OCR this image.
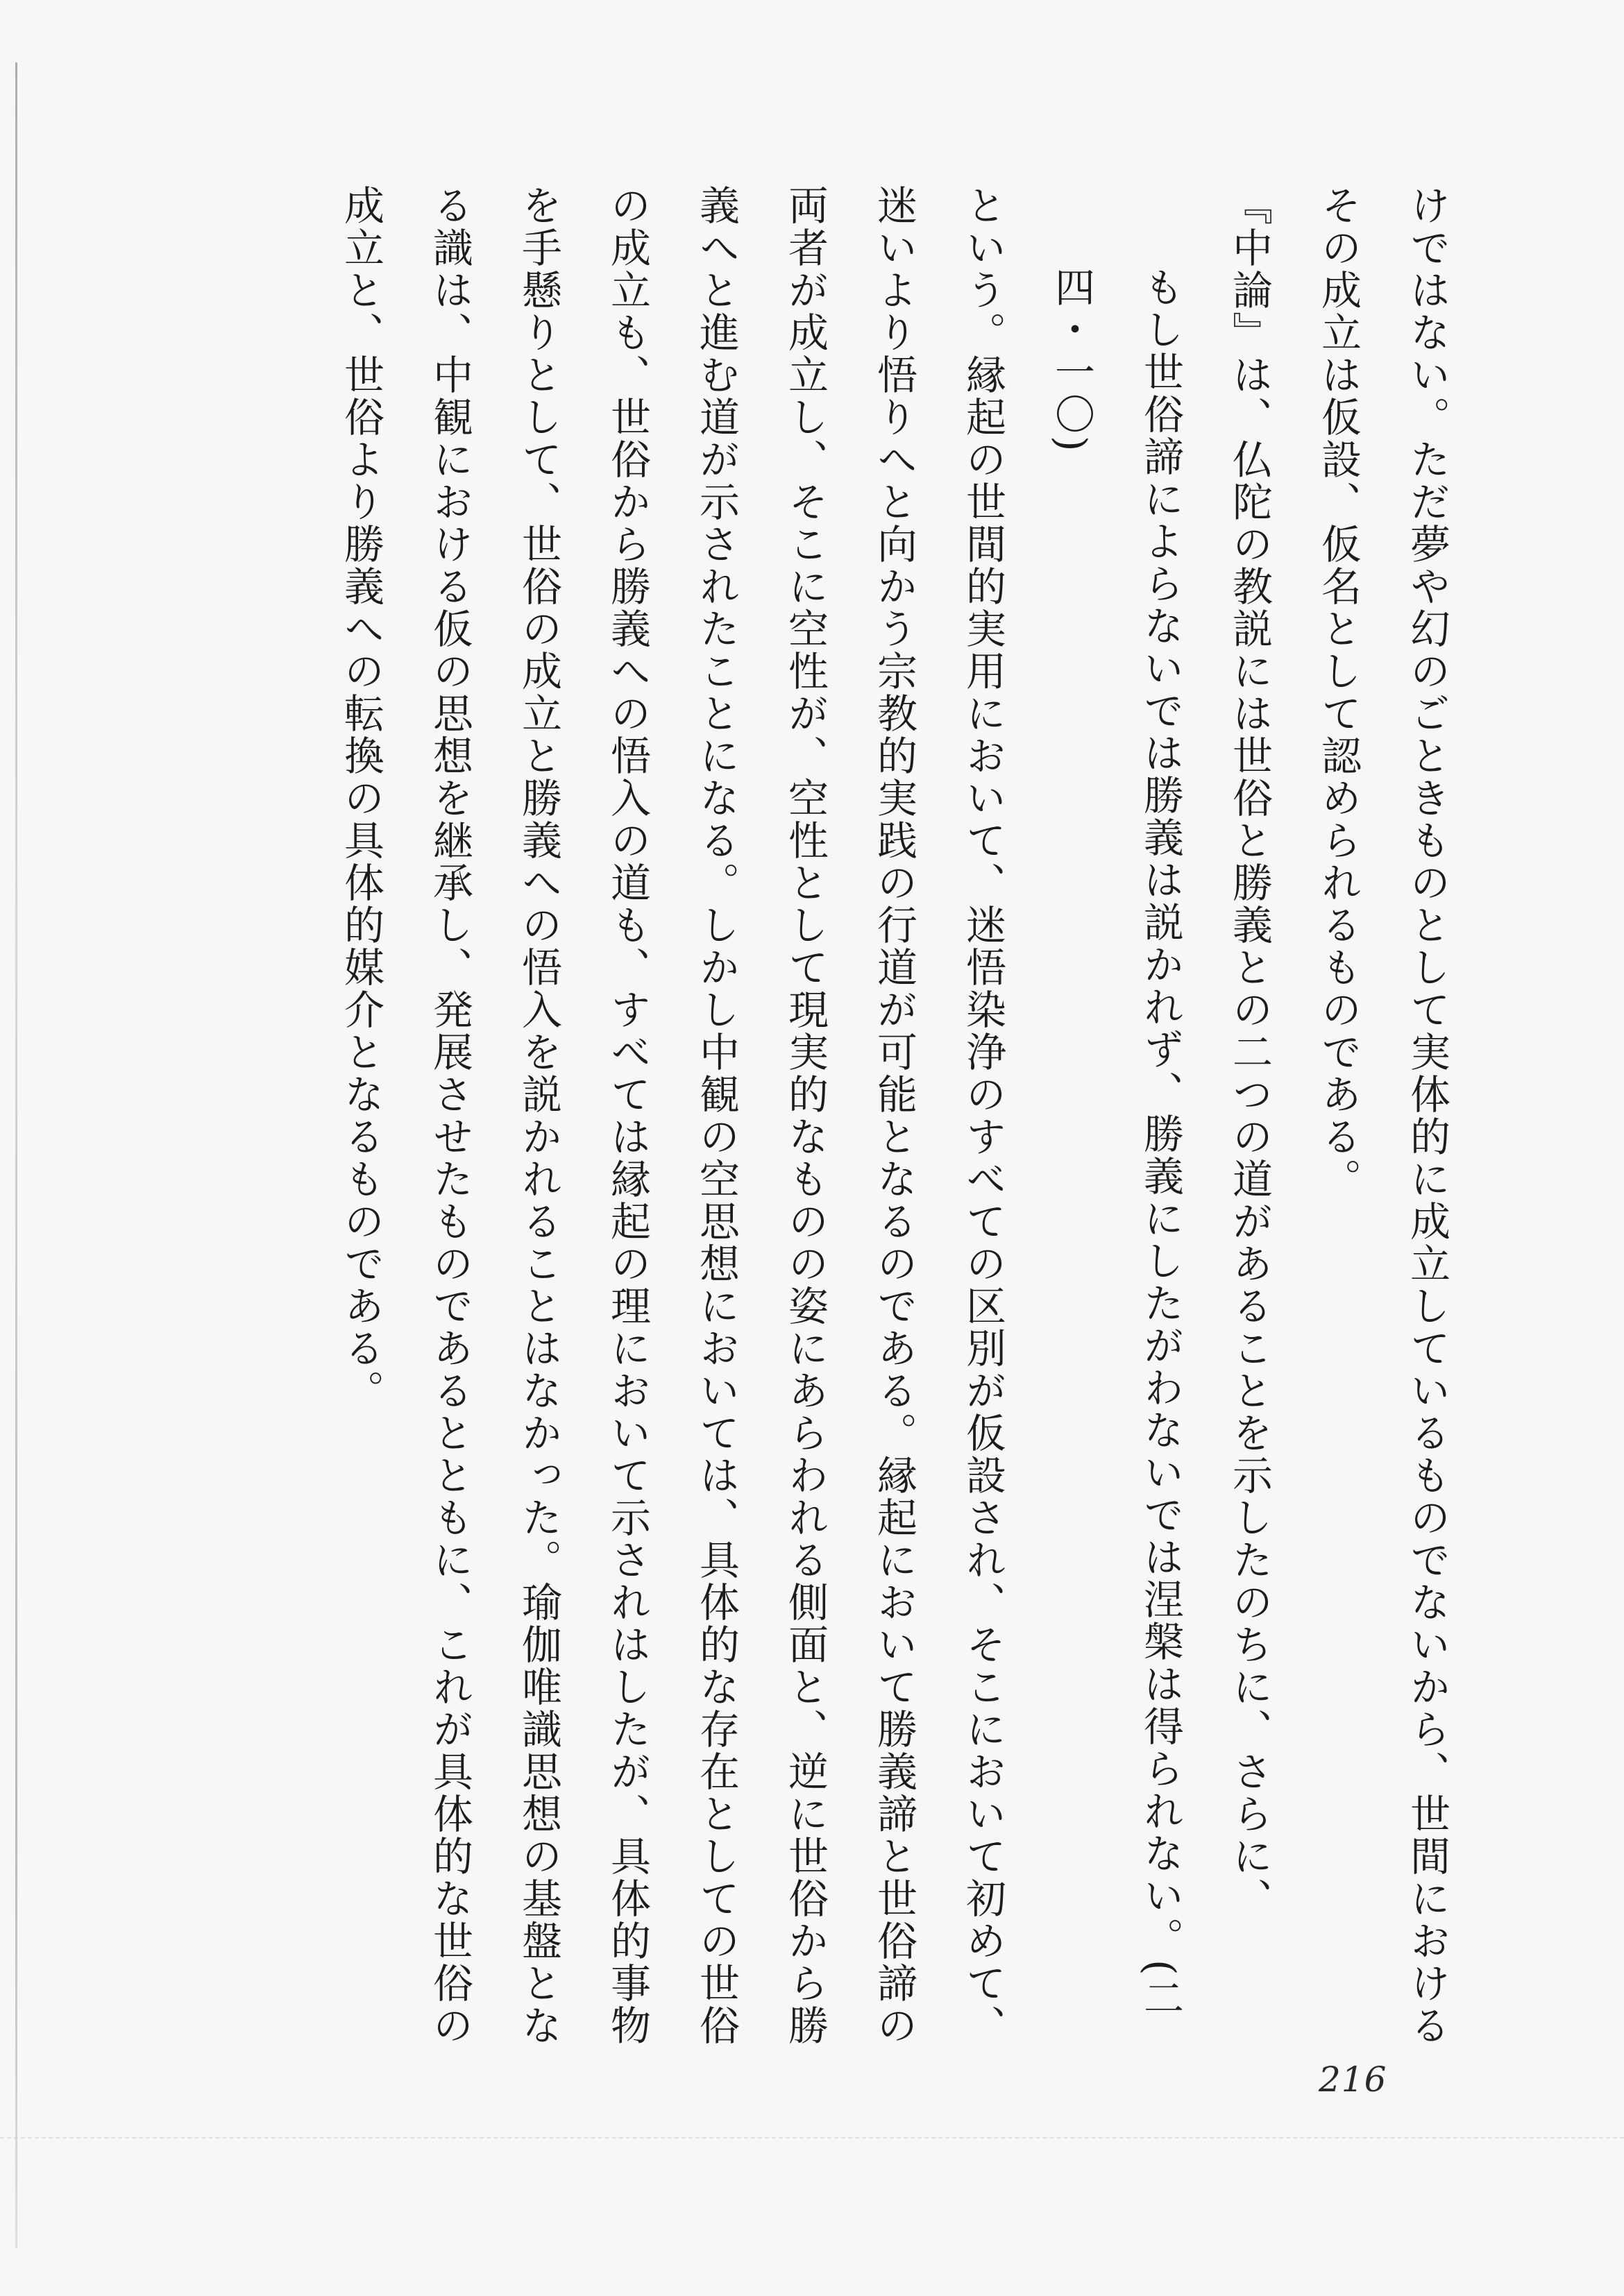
けではない。ただ夢や幻のごときものとして実体的に成立しているものでないから、世間におけるその成立は仮設、仮名として認められるものである。

『中論』は、仏陀の教説には世俗と勝義との二つの道があることを示したのちに、さらに、

もし世俗諦によらないでは勝義は説かれず、勝義にしたがわないでは涅槃は得られない。(二四・一〇)

という。縁起の世間的実用において、迷悟染浄のすべての区別が仮設され、そこにおいて初めて、迷いより悟りへと向かう宗教的実践の行道が可能となるのである。縁起において勝義諦と世俗諦の両者が成立し、そこに空性が、空性として現実的なものの姿にあらわれる側面と、逆に世俗から勝義へと進む道が示されたことになる。しかし中観の空思想においては、具体的な存在としての世俗の成立も、世俗から勝義への悟入の道も、すべては縁起の理において示されはしたが、具体的事物を手懸りとして、世俗の成立と勝義への悟入を説かれることはなかった。瑜伽唯識思想の基盤となる識は、中観における仮の思想を継承し、発展させたものであるとともに、これが具体的な世俗の成立と、世俗より勝義への転換の具体的媒介となるものである。

216
